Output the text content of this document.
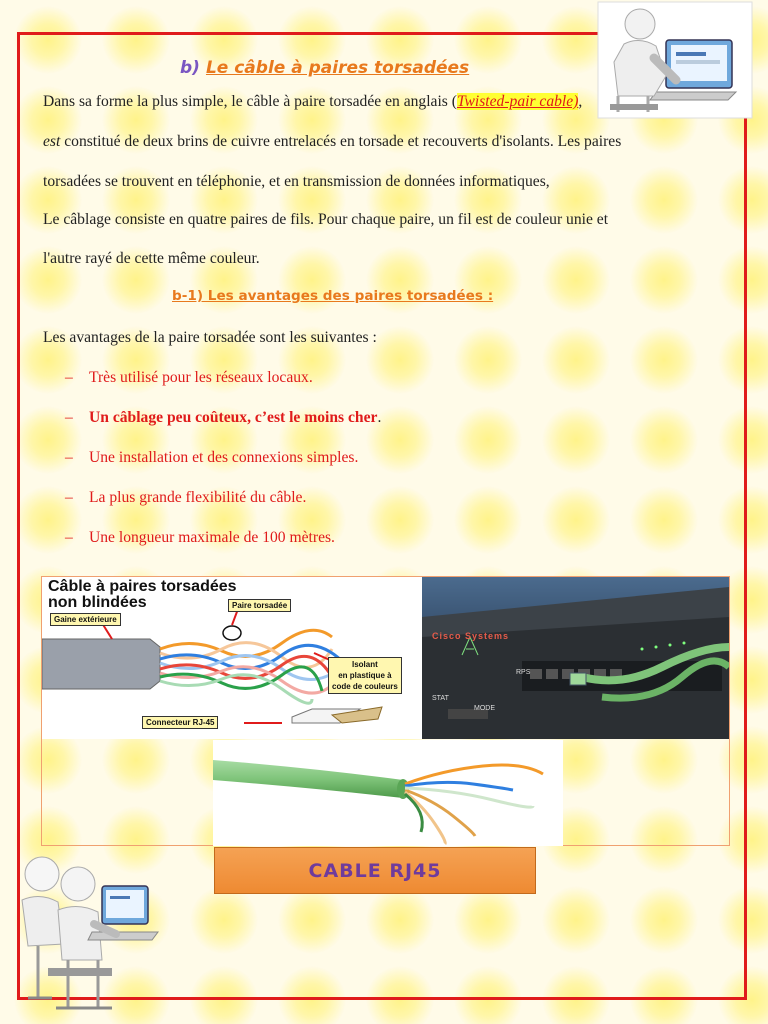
b) Le câble à paires torsadées
Dans sa forme la plus simple, le câble à paire torsadée en anglais (Twisted-pair cable),
est constitué de deux brins de cuivre entrelacés en torsade et recouverts d'isolants. Les paires
torsadées se trouvent en téléphonie, et en transmission de données informatiques,
Le câblage consiste en quatre paires de fils. Pour chaque paire, un fil est de couleur unie et
l'autre rayé de cette même couleur.
b-1) Les avantages des paires torsadées :
Les avantages de la paire torsadée sont les suivantes :
– Très utilisé pour les réseaux locaux.
– Un câblage peu coûteux, c’est le moins cher.
– Une installation et des connexions simples.
– La plus grande flexibilité du câble.
– Une longueur maximale de 100 mètres.
Câble à paires torsadées
non blindées	Paire torsadée
Gaine extérieure
Isolant
en plastique à
code de couleurs
Connecteur RJ-45
Cisco Systems
RPS
STAT
MODE
CABLE RJ45
